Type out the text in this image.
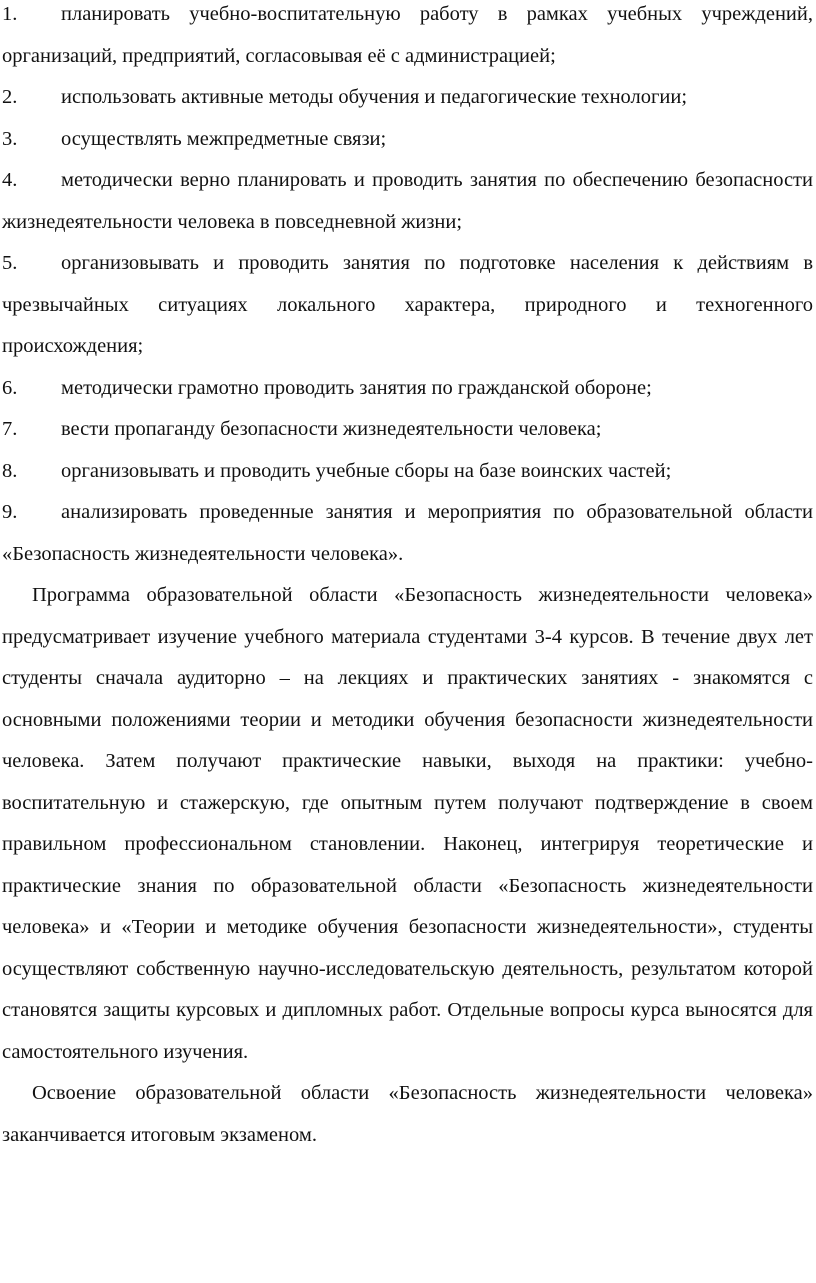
1. планировать учебно-воспитательную работу в рамках учебных учреждений, организаций, предприятий, согласовывая её с администрацией;

2. использовать активные методы обучения и педагогические технологии;

3. осуществлять межпредметные связи;

4. методически верно планировать и проводить занятия по обеспечению безопасности жизнедеятельности человека в повседневной жизни;

5. организовывать и проводить занятия по подготовке населения к действиям в чрезвычайных ситуациях локального характера, природного и техногенного происхождения;

6. методически грамотно проводить занятия по гражданской обороне;

7. вести пропаганду безопасности жизнедеятельности человека;

8. организовывать и проводить учебные сборы на базе воинских частей;

9. анализировать проведенные занятия и мероприятия по образовательной области «Безопасность жизнедеятельности человека».

Программа образовательной области «Безопасность жизнедеятельности человека» предусматривает изучение учебного материала студентами 3-4 курсов. В течение двух лет студенты сначала аудиторно – на лекциях и практических занятиях - знакомятся с основными положениями теории и методики обучения безопасности жизнедеятельности человека. Затем получают практические навыки, выходя на практики: учебно-воспитательную и стажерскую, где опытным путем получают подтверждение в своем правильном профессиональном становлении. Наконец, интегрируя теоретические и практические знания по образовательной области «Безопасность жизнедеятельности человека» и «Теории и методике обучения безопасности жизнедеятельности», студенты осуществляют собственную научно-исследовательскую деятельность, результатом которой становятся защиты курсовых и дипломных работ. Отдельные вопросы курса выносятся для самостоятельного изучения.

Освоение образовательной области «Безопасность жизнедеятельности человека» заканчивается итоговым экзаменом.
